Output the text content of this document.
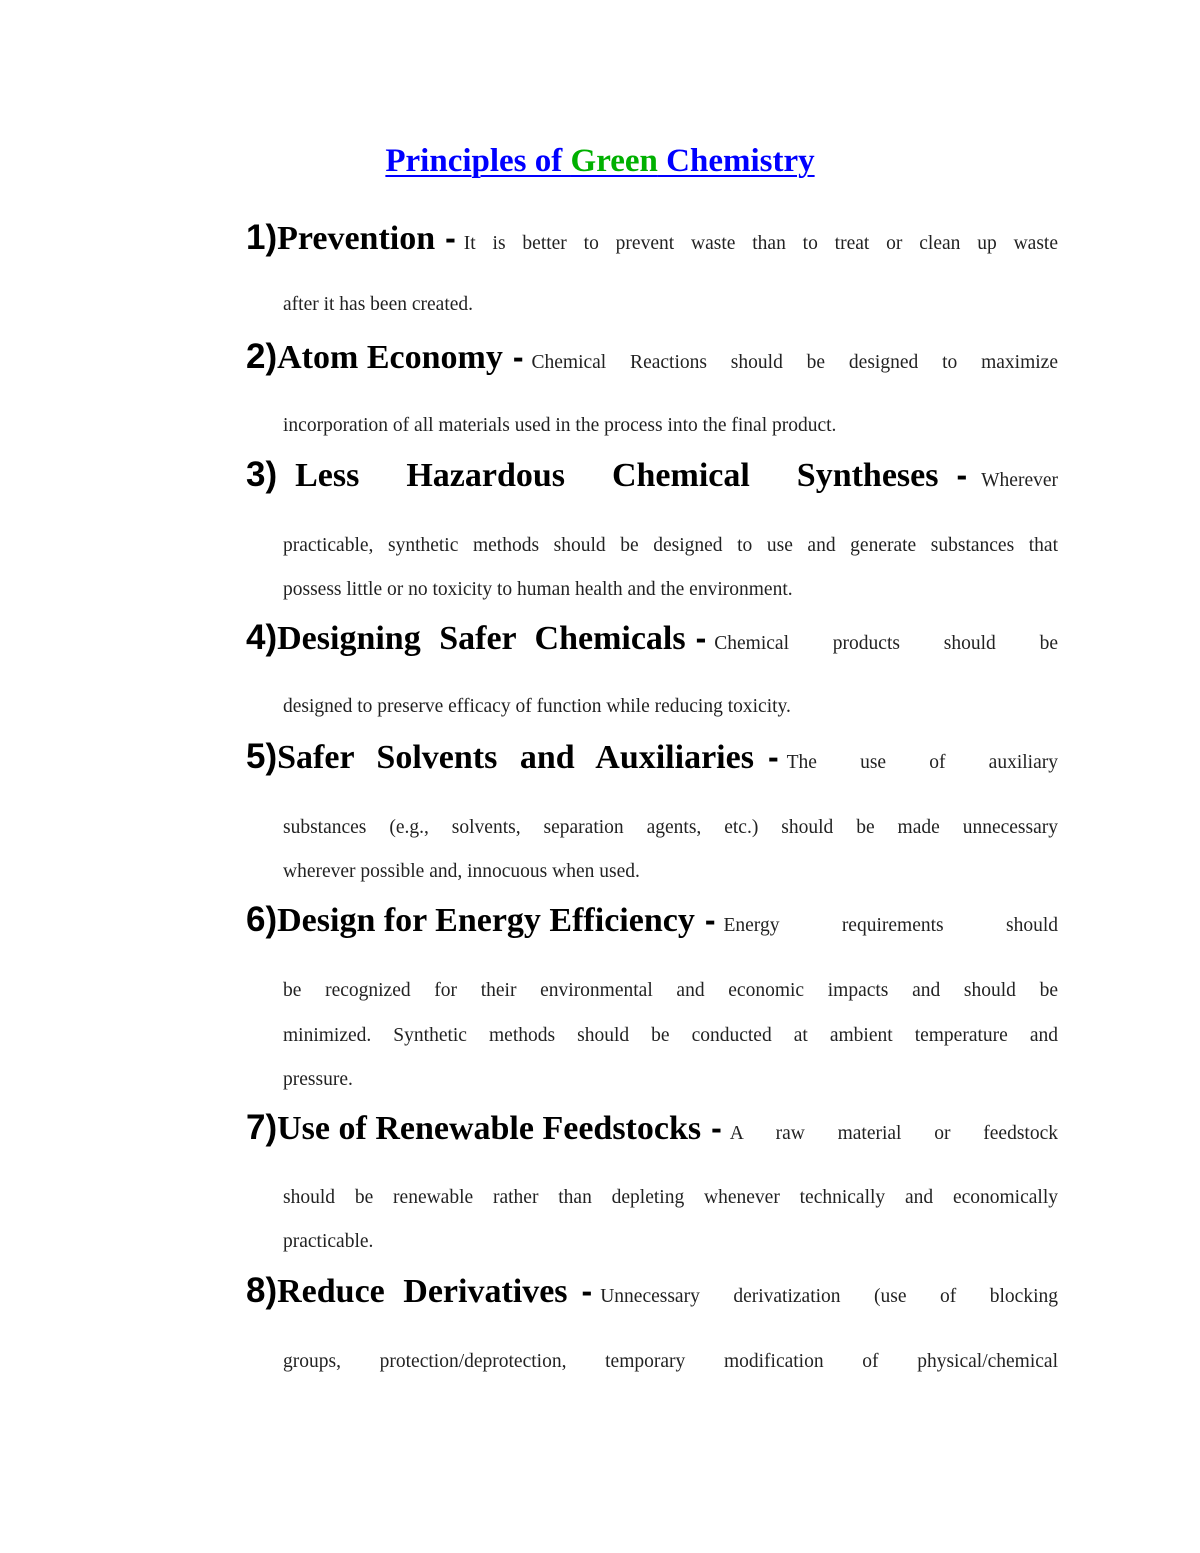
Principles of Green Chemistry
1) Prevention - It is better to prevent waste than to treat or clean up waste
after it has been created.
2) Atom Economy - Chemical Reactions should be designed to maximize
incorporation of all materials used in the process into the final product.
3) Less Hazardous Chemical Syntheses - Wherever
practicable, synthetic methods should be designed to use and generate substances that
possess little or no toxicity to human health and the environment.
4) Designing Safer Chemicals - Chemical products should be
designed to preserve efficacy of function while reducing toxicity.
5) Safer Solvents and Auxiliaries - The use of auxiliary
substances (e.g., solvents, separation agents, etc.) should be made unnecessary
wherever possible and, innocuous when used.
6) Design for Energy Efficiency - Energy requirements should
be recognized for their environmental and economic impacts and should be
minimized. Synthetic methods should be conducted at ambient temperature and
pressure.
7) Use of Renewable Feedstocks - A raw material or feedstock
should be renewable rather than depleting whenever technically and economically
practicable.
8) Reduce Derivatives - Unnecessary derivatization (use of blocking
groups, protection/deprotection, temporary modification of physical/chemical
